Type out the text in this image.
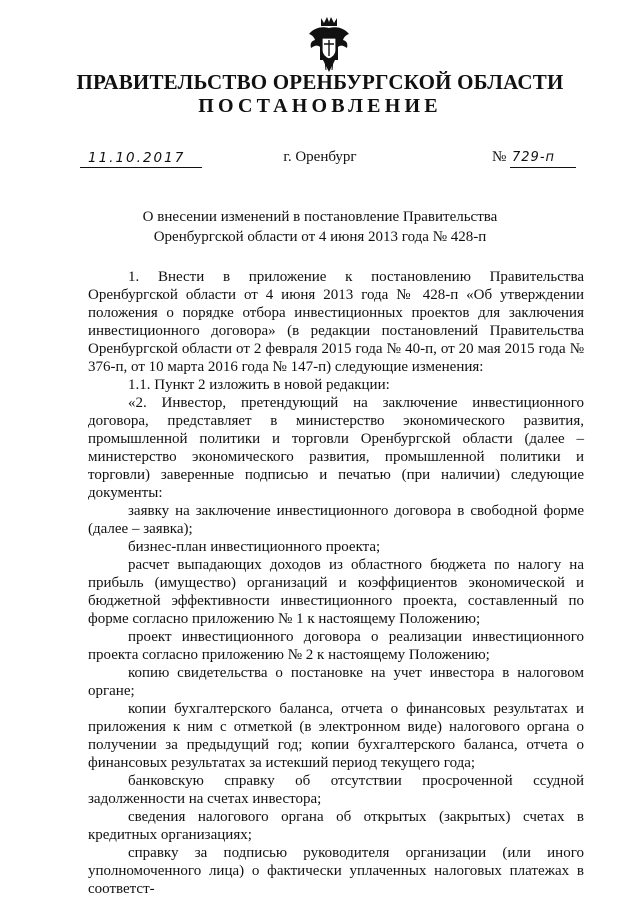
ПРАВИТЕЛЬСТВО ОРЕНБУРГСКОЙ ОБЛАСТИ
ПОСТАНОВЛЕНИЕ
11.10.2017	г. Оренбург	№ 729-п
О внесении изменений в постановление Правительства
Оренбургской области от 4 июня 2013 года № 428-п

1. Внести в приложение к постановлению Правительства Оренбургской области от 4 июня 2013 года № 428-п «Об утверждении положения о порядке отбора инвестиционных проектов для заключения инвестиционного договора» (в редакции постановлений Правительства Оренбургской области от 2 февраля 2015 года № 40-п, от 20 мая 2015 года № 376-п, от 10 марта 2016 года № 147-п) следующие изменения:

1.1. Пункт 2 изложить в новой редакции:

«2. Инвестор, претендующий на заключение инвестиционного договора, представляет в министерство экономического развития, промышленной политики и торговли Оренбургской области (далее – министерство экономического развития, промышленной политики и торговли) заверенные подписью и печатью (при наличии) следующие документы:

заявку на заключение инвестиционного договора в свободной форме (далее – заявка);

бизнес-план инвестиционного проекта;

расчет выпадающих доходов из областного бюджета по налогу на прибыль (имущество) организаций и коэффициентов экономической и бюджетной эффективности инвестиционного проекта, составленный по форме согласно приложению № 1 к настоящему Положению;

проект инвестиционного договора о реализации инвестиционного проекта согласно приложению № 2 к настоящему Положению;

копию свидетельства о постановке на учет инвестора в налоговом органе;

копии бухгалтерского баланса, отчета о финансовых результатах и приложения к ним с отметкой (в электронном виде) налогового органа о получении за предыдущий год; копии бухгалтерского баланса, отчета о финансовых результатах за истекший период текущего года;

банковскую справку об отсутствии просроченной ссудной задолженности на счетах инвестора;

сведения налогового органа об открытых (закрытых) счетах в кредитных организациях;

справку за подписью руководителя организации (или иного уполномоченного лица) о фактически уплаченных налоговых платежах в соответст-
